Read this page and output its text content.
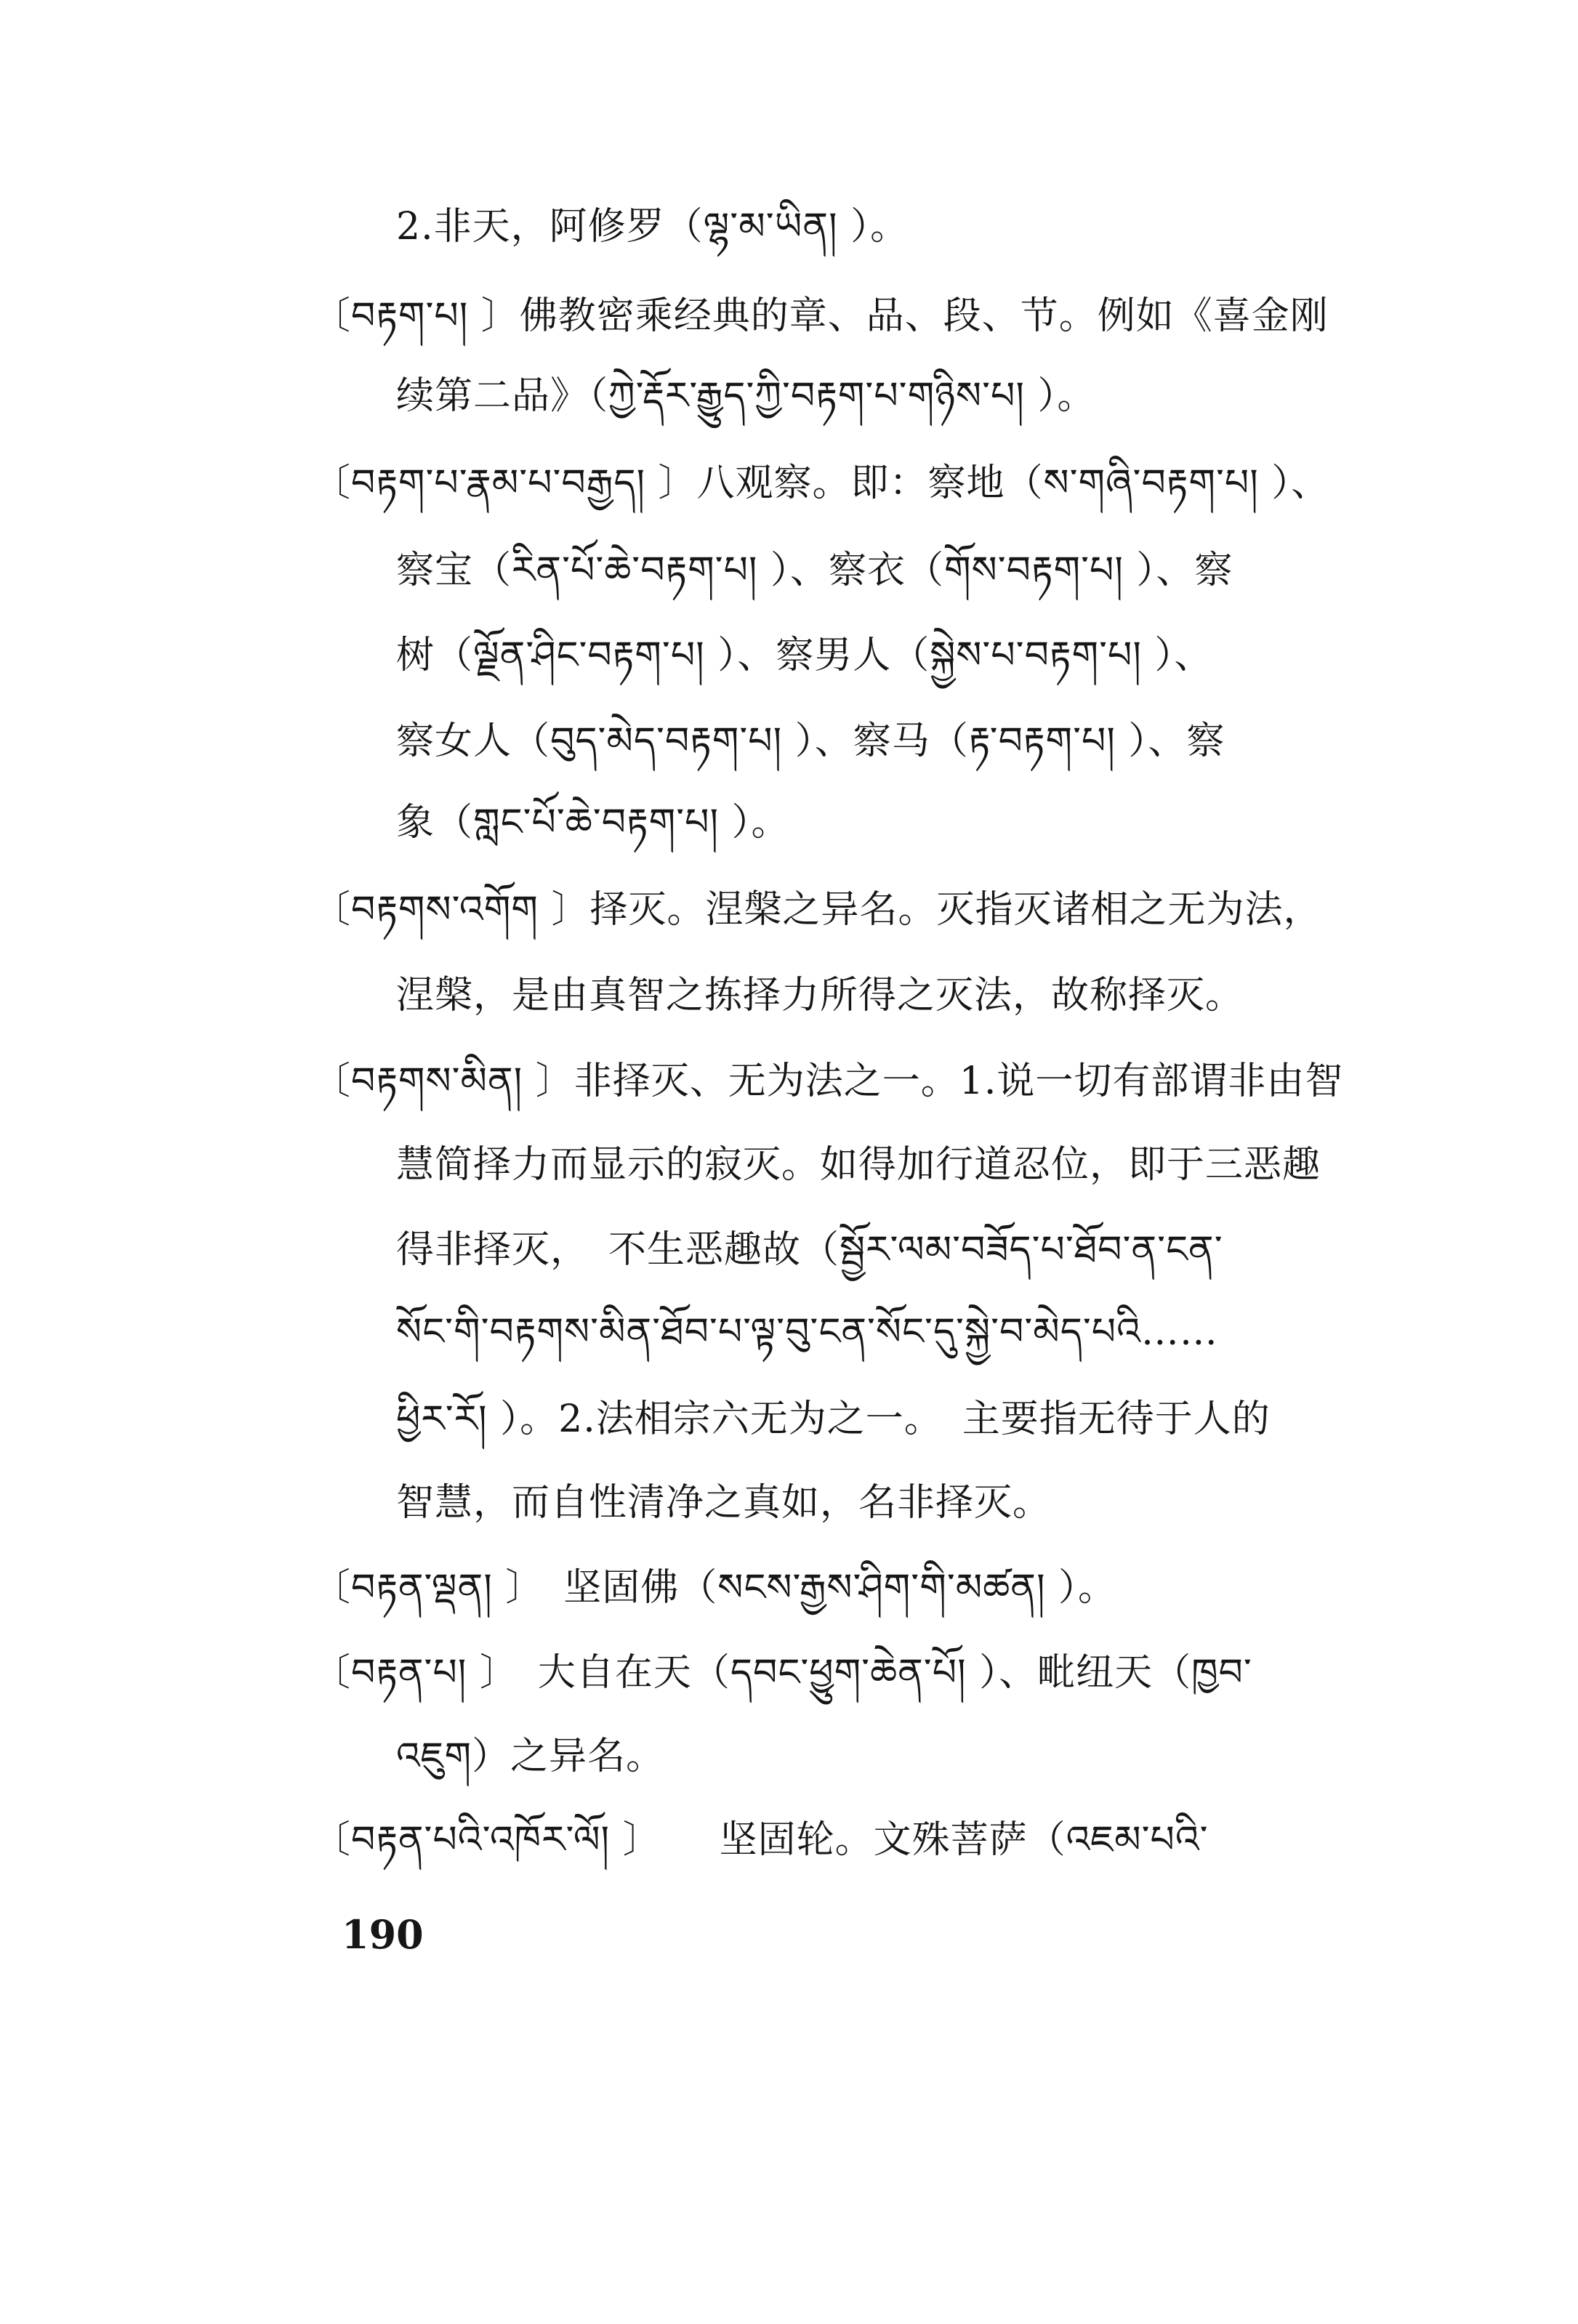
2.非天，阿修罗（ལྷ་མ་ཡིན། ）。
〔བརྟག་པ། 〕佛教密乘经典的章、品、段、节。例如《喜金刚
续第二品》（ཀྱེ་རྡོར་རྒྱུད་ཀྱི་བརྟག་པ་གཉིས་པ། ）。
〔བརྟག་པ་རྣམ་པ་བརྒྱད། 〕八观察。即：察地（ས་གཞི་བརྟག་པ། ）、
察宝（རིན་པོ་ཆེ་བརྟག་པ། ）、察衣（གོས་བརྟག་པ། ）、察
树（ལྗོན་ཤིང་བརྟག་པ། ）、察男人（སྐྱེས་པ་བརྟག་པ། ）、
察女人（བུད་མེད་བརྟག་པ། ）、察马（རྟ་བརྟག་པ། ）、察
象（གླང་པོ་ཆེ་བརྟག་པ། ）。
〔བརྟགས་འགོག 〕择灭。涅槃之异名。灭指灭诸相之无为法，
涅槃，是由真智之拣择力所得之灭法，故称择灭。
〔བརྟགས་མིན། 〕非择灭、无为法之一。1.说一切有部谓非由智
慧简择力而显示的寂灭。如得加行道忍位，即于三恶趣
得非择灭，　不生恶趣故（སྦྱོར་ལམ་བཟོད་པ་ཐོབ་ན་ངན་
སོང་གི་བརྟགས་མིན་ཐོབ་པ་ལྟ་བུ་ངན་སོང་དུ་སྐྱེ་བ་མེད་པའི……
ཕྱིར་རོ། ）。2.法相宗六无为之一。　主要指无待于人的
智慧，而自性清净之真如，名非择灭。
〔བརྟན་ལྡན། 〕　坚固佛（སངས་རྒྱས་ཤིག་གི་མཚན། ）。
〔བརྟན་པ། 〕　大自在天（དབང་ཕྱུག་ཆེན་པོ། ）、毗纽天（ཁྱབ་
འཇུག）之异名。
〔བརྟན་པའི་འཁོར་ལོ། 〕　　坚固轮。文殊菩萨（འཇམ་པའི་
190
